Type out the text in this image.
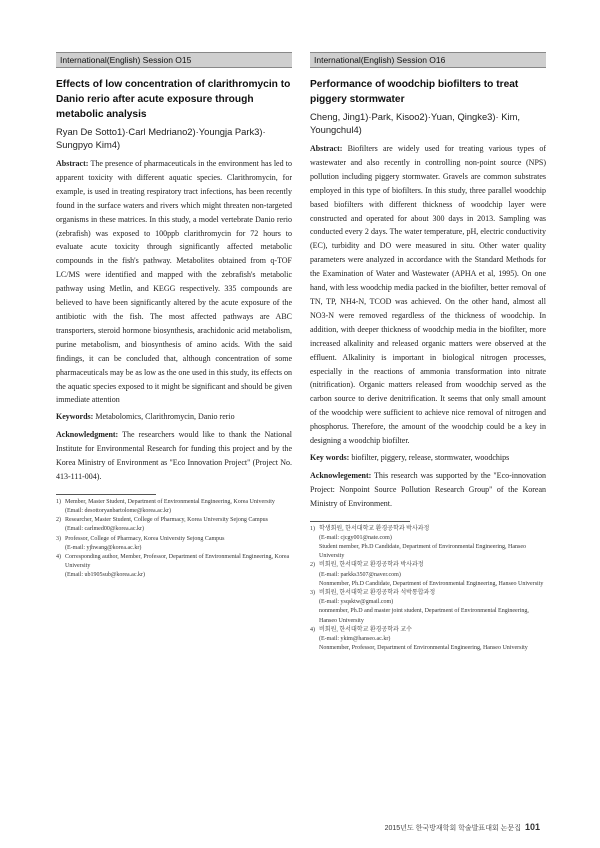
International(English) Session O15
Effects of low concentration of clarithromycin to Danio rerio after acute exposure through metabolic analysis
Ryan De Sotto1)·Carl Medriano2)·Youngja Park3)· Sungpyo Kim4)
Abstract: The presence of pharmaceuticals in the environment has led to apparent toxicity with different aquatic species. Clarithromycin, for example, is used in treating respiratory tract infections, has been recently found in the surface waters and rivers which might threaten non-targeted organisms in these matrices. In this study, a model vertebrate Danio rerio (zebrafish) was exposed to 100ppb clarithromycin for 72 hours to evaluate acute toxicity through significantly affected metabolic compounds in the fish's pathway. Metabolites obtained from q-TOF LC/MS were identified and mapped with the zebrafish's metabolic pathway using Metlin, and KEGG respectively. 335 compounds are believed to have been significantly altered by the acute exposure of the antibiotic with the fish. The most affected pathways are ABC transporters, steroid hormone biosynthesis, arachidonic acid metabolism, purine metabolism, and biosynthesis of amino acids. With the said findings, it can be concluded that, although concentration of some pharmaceuticals may be as low as the one used in this study, its effects on the aquatic species exposed to it might be significant and should be given immediate attention
Keywords: Metabolomics, Clarithromycin, Danio rerio
Acknowledgment: The researchers would like to thank the National Institute for Environmental Research for funding this project and by the Korea Ministry of Environment as "Eco Innovation Project" (Project No. 413-111-004).
1) Member, Master Student, Department of Environmental Engineering, Korea University
(Email: desottoryanbartolome@korea.ac.kr)
2) Researcher, Master Student, College of Pharmacy, Korea University Sejong Campus
(Email: carlmed00@korea.ac.kr)
3) Professor, College of Pharmacy, Korea University Sejong Campus
(E-mail: yjhwang@korea.ac.kr)
4) Corresponding author, Member, Professor, Department of Environmental Engineering, Korea University
(Email: ub1905sub@korea.ac.kr)
International(English) Session O16
Performance of woodchip biofilters to treat piggery stormwater
Cheng, Jing1)·Park, Kisoo2)·Yuan, Qingke3)· Kim, Youngchul4)
Abstract: Biofilters are widely used for treating various types of wastewater and also recently in controlling non-point source (NPS) pollution including piggery stormwater. Gravels are common substrates employed in this type of biofilters. In this study, three parallel woodchip based biofilters with different thickness of woodchip layer were constructed and operated for about 300 days in 2013. Sampling was conducted every 2 days. The water temperature, pH, electric conductivity (EC), turbidity and DO were measured in situ. Other water quality parameters were analyzed in accordance with the Standard Methods for the Examination of Water and Wastewater (APHA et al, 1995). On one hand, with less woodchip media packed in the biofilter, better removal of TN, TP, NH4-N, TCOD was achieved. On the other hand, almost all NO3-N were removed regardless of the thickness of woodchip. In addition, with deeper thickness of woodchip media in the biofilter, more increased alkalinity and released organic matters were observed at the effluent. Alkalinity is important in biological nitrogen processes, especially in the reactions of ammonia transformation into nitrate (nitrification). Organic matters released from woodchip served as the carbon source to derive denitrification. It seems that only small amount of the woodchip were sufficient to achieve nice removal of nitrogen and phosphorus. Therefore, the amount of the woodchip could be a key in designing a woodchip biofilter.
Key words: biofilter, piggery, release, stormwater, woodchips
Acknowlegement: This research was supported by the "Eco-innovation Project: Nonpoint Source Pollution Research Group" of the Korean Ministry of Environment.
1) 학생회원, 한서대학교 환경공학과 박사과정
(E-mail: cjcgy001@nate.com)
Student member, Ph.D Candidate, Department of Environmental Engineering, Hanseo University
2) 비회원, 한서대학교 환경공학과 박사과정
(E-mail: parkks3507@naver.com)
Nonmember, Ph.D Candidate, Department of Environmental Engineering, Hanseo University
3) 비회원, 한서대학교 환경공학과 석박통합과정
(E-mail: ysqsktw@gmail.com)
nonmember, Ph.D and master joint student, Department of Environmental Engineering, Hanseo University
4) 비회원, 한서대학교 환경공학과 교수
(E-mail: ykim@hanseo.ac.kr)
Nonmember, Professor, Department of Environmental Engineering, Hanseo University
2015년도 한국방재학회 학술발표대회 논문집 101
